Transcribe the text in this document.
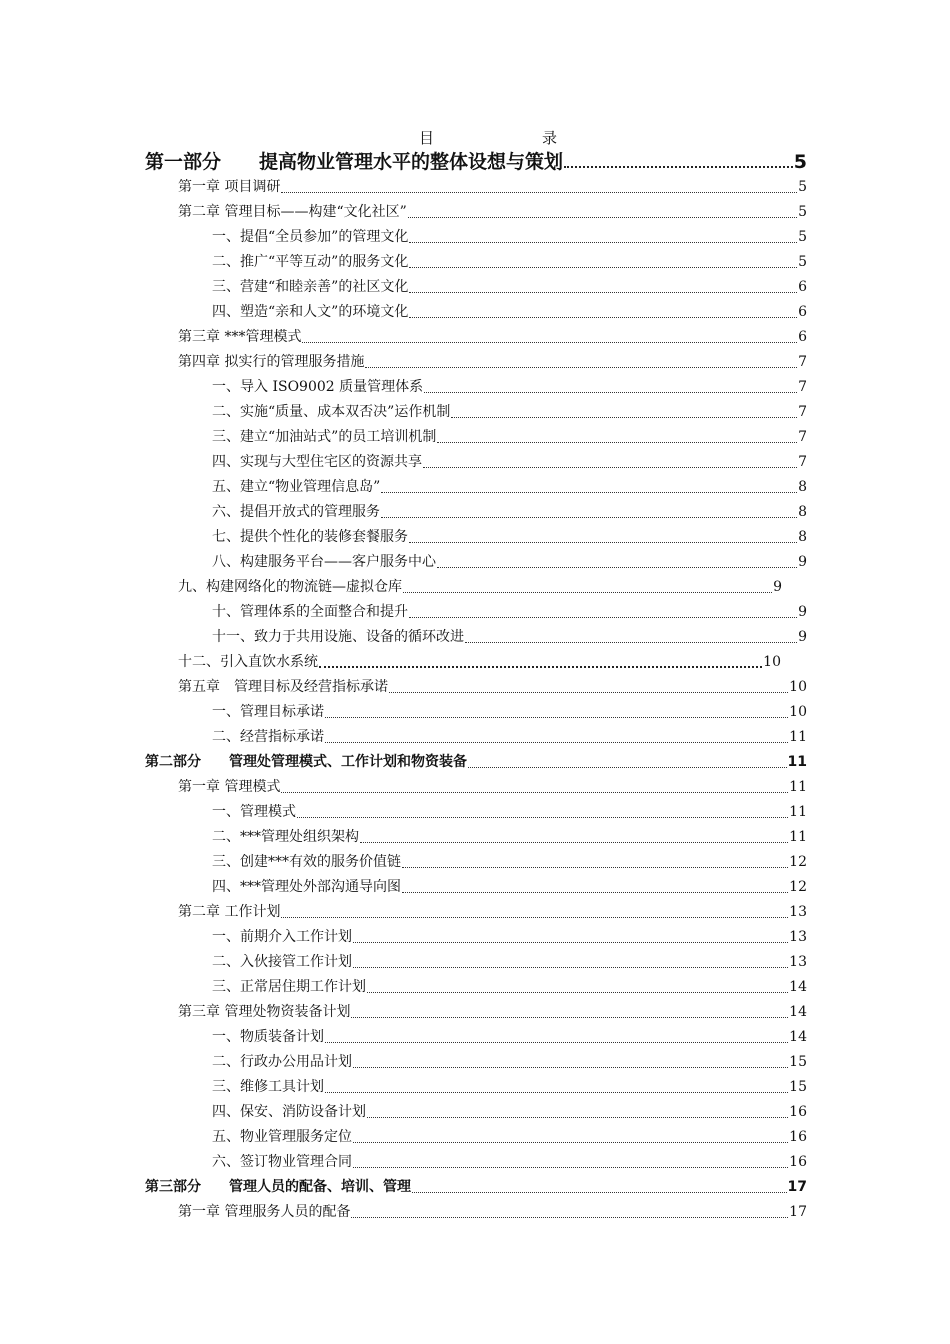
目　　录
第一部分　　提高物业管理水平的整体设想与策划	5
第一章 项目调研	5
第二章 管理目标——构建“文化社区”	5
一、提倡“全员参加”的管理文化	5
二、推广“平等互动”的服务文化	5
三、营建“和睦亲善”的社区文化	6
四、塑造“亲和人文”的环境文化	6
第三章 ***管理模式	6
第四章 拟实行的管理服务措施	7
一、导入 ISO9002 质量管理体系	7
二、实施“质量、成本双否决”运作机制	7
三、建立“加油站式”的员工培训机制	7
四、实现与大型住宅区的资源共享	7
五、建立“物业管理信息岛”	8
六、提倡开放式的管理服务	8
七、提供个性化的装修套餐服务	8
八、构建服务平台——客户服务中心	9
九、构建网络化的物流链—虚拟仓库	9
十、管理体系的全面整合和提升	9
十一、致力于共用设施、设备的循环改进	9
十二、引入直饮水系统	10
第五章　管理目标及经营指标承诺	10
一、管理目标承诺	10
二、经营指标承诺	11
第二部分　　管理处管理模式、工作计划和物资装备	11
第一章 管理模式	11
一、管理模式	11
二、***管理处组织架构	11
三、创建***有效的服务价值链	12
四、***管理处外部沟通导向图	12
第二章 工作计划	13
一、前期介入工作计划	13
二、入伙接管工作计划	13
三、正常居住期工作计划	14
第三章 管理处物资装备计划	14
一、物质装备计划	14
二、行政办公用品计划	15
三、维修工具计划	15
四、保安、消防设备计划	16
五、物业管理服务定位	16
六、签订物业管理合同	16
第三部分　　管理人员的配备、培训、管理	17
第一章 管理服务人员的配备	17
